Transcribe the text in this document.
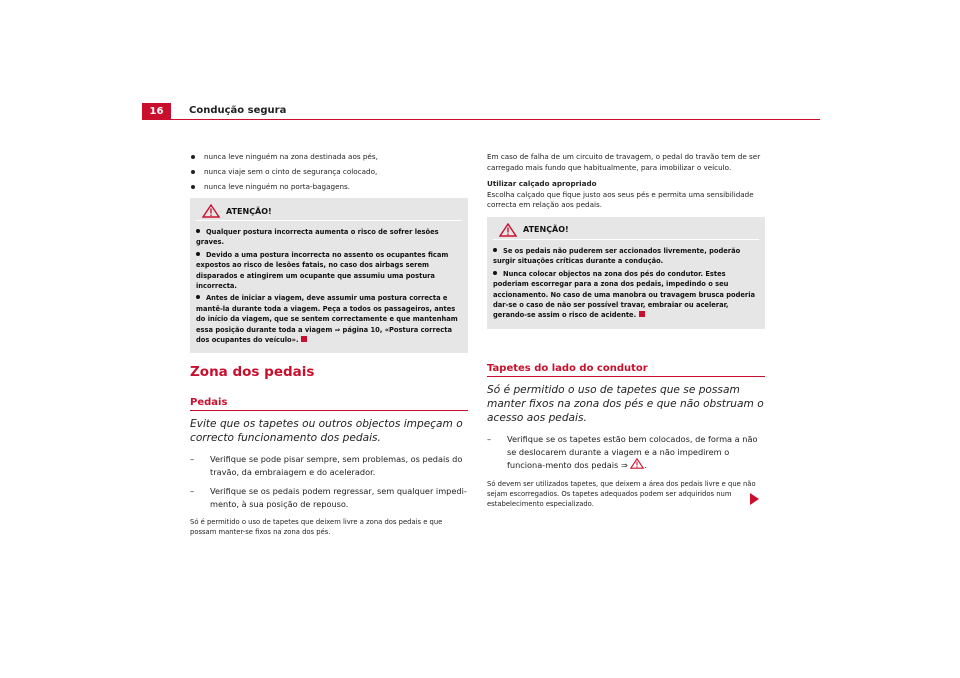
16	Condução segura
nunca leve ninguém na zona destinada aos pés,
nunca viaje sem o cinto de segurança colocado,
nunca leve ninguém no porta-bagagens.
ATENÇÃO!
Qualquer postura incorrecta aumenta o risco de sofrer lesões graves.
Devido a uma postura incorrecta no assento os ocupantes ficam expostos ao risco de lesões fatais, no caso dos airbags serem disparados e atingirem um ocupante que assumiu uma postura incorrecta.
Antes de iniciar a viagem, deve assumir uma postura correcta e mantê-la durante toda a viagem. Peça a todos os passageiros, antes do início da viagem, que se sentem correctamente e que mantenham essa posição durante toda a viagem ⇒ página 10, «Postura correcta dos ocupantes do veículo».
Zona dos pedais
Pedais

Evite que os tapetes ou outros objectos impeçam o correcto funcionamento dos pedais.

– Verifique se pode pisar sempre, sem problemas, os pedais do travão, da embraiagem e do acelerador.
– Verifique se os pedais podem regressar, sem qualquer impedi-mento, à sua posição de repouso.
Só é permitido o uso de tapetes que deixem livre a zona dos pedais e que possam manter-se fixos na zona dos pés.

Em caso de falha de um circuito de travagem, o pedal do travão tem de ser carregado mais fundo que habitualmente, para imobilizar o veículo.

Utilizar calçado apropriado

Escolha calçado que fique justo aos seus pés e permita uma sensibilidade correcta em relação aos pedais.

ATENÇÃO!
Se os pedais não puderem ser accionados livremente, poderão surgir situações críticas durante a condução.
Nunca colocar objectos na zona dos pés do condutor. Estes poderiam escorregar para a zona dos pedais, impedindo o seu accionamento. No caso de uma manobra ou travagem brusca poderia dar-se o caso de não ser possível travar, embraiar ou acelerar, gerando-se assim o risco de acidente.
Tapetes do lado do condutor

Só é permitido o uso de tapetes que se possam manter fixos na zona dos pés e que não obstruam o acesso aos pedais.

– Verifique se os tapetes estão bem colocados, de forma a não se deslocarem durante a viagem e a não impedirem o funciona-mento dos pedais ⇒ .
Só devem ser utilizados tapetes, que deixem a área dos pedais livre e que não sejam escorregadios. Os tapetes adequados podem ser adquiridos num estabelecimento especializado.
